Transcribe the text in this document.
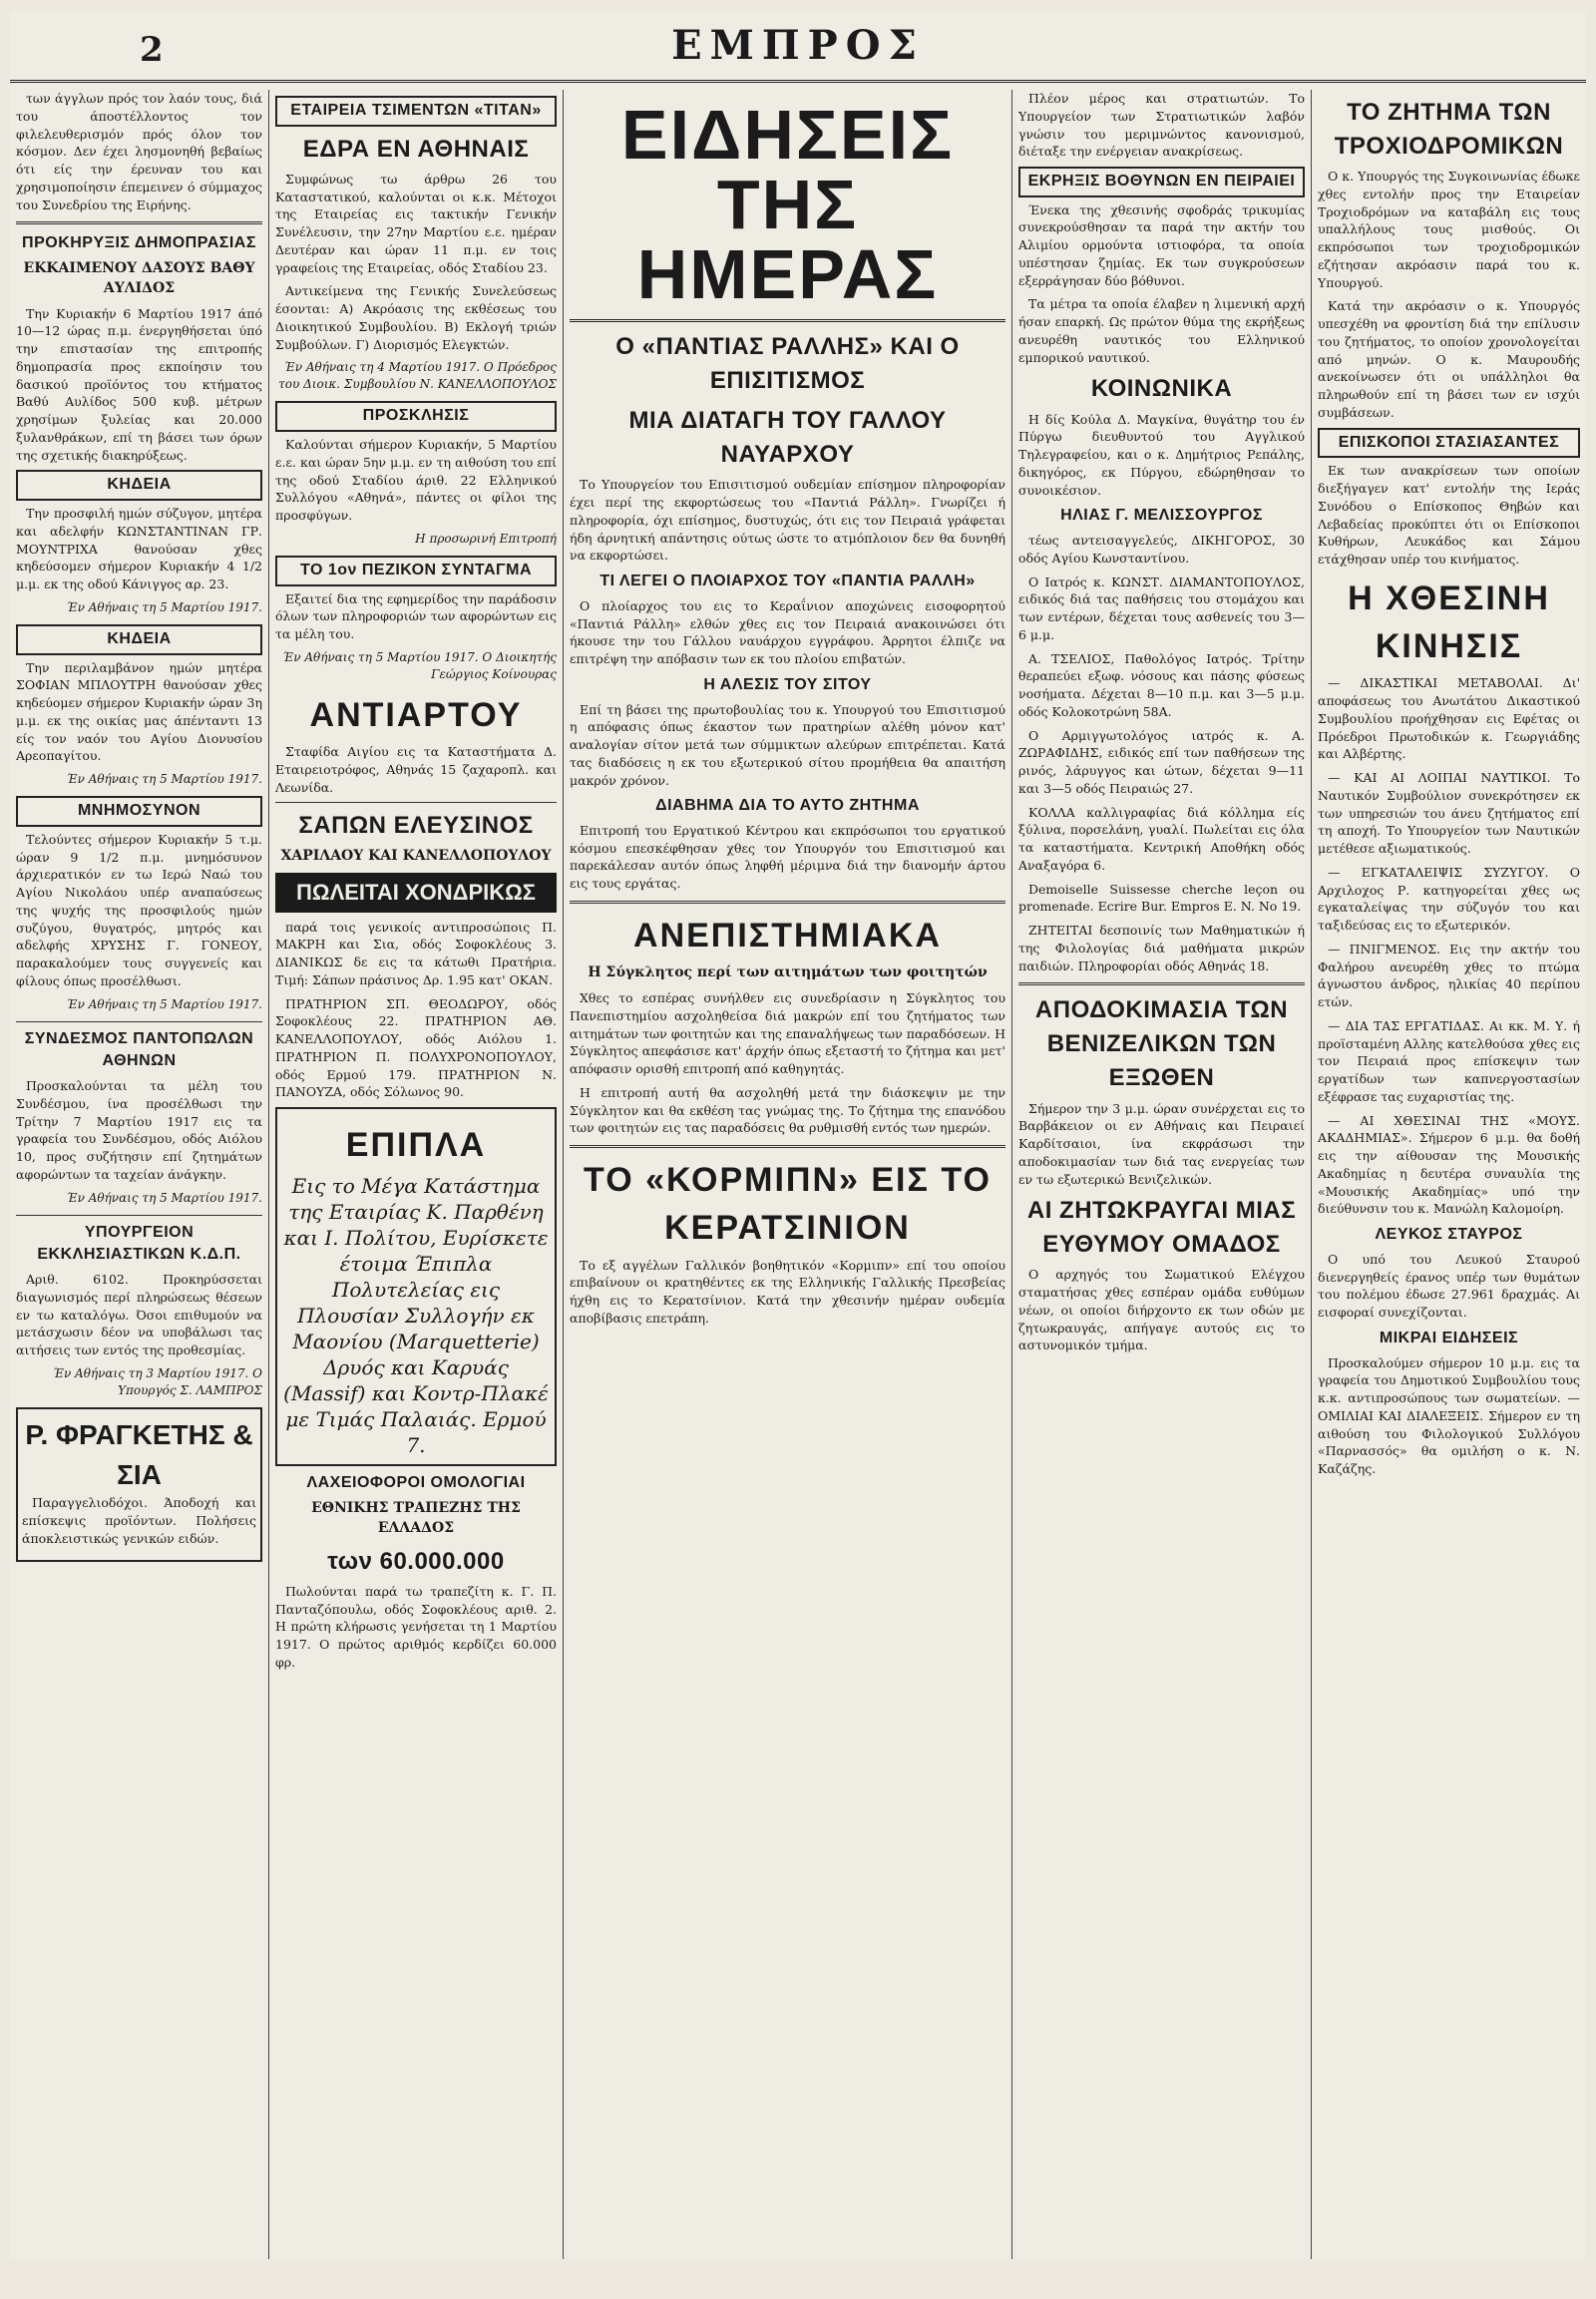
2	ΕΜΠΡΟΣ

των άγγλων πρός τον λαόν τους, διά του άποστέλλοντος τον φιλελευθερισμόν πρός όλον τον κόσμον. Δεν έχει λησμονηθή βεβαίως ότι είς την έρευναν του και χρησιμοποίησιν έπεμεινεν ό σύμμαχος του Συνεδρίου της Ειρήνης.

ΠΡΟΚΗΡΥΞΙΣ ΔΗΜΟΠΡΑΣΙΑΣ
ΕΚΚΑΙΜΕΝΟΥ ΔΑΣΟΥΣ ΒΑΘΥ ΑΥΛΙΔΟΣ

Την Κυριακήν 6 Μαρτίου 1917 άπό 10—12 ώρας π.μ. ένεργηθήσεται ύπό την επιστασίαν της επιτροπής δημοπρασία προς εκποίησιν του δασικού προϊόντος του κτήματος Βαθύ Αυλίδος 500 κυβ. μέτρων χρησίμων ξυλείας και 20.000 ξυλανθράκων, επί τη βάσει των όρων της σχετικής διακηρύξεως.

ΚΗΔΕΙΑ

Την προσφιλή ημών σύζυγον, μητέρα και αδελφήν ΚΩΝΣΤΑΝΤΙΝΑΝ ΓΡ. ΜΟΥΝΤΡΙΧΑ θανούσαν χθες κηδεύσομεν σήμερον Κυριακήν 4 1/2 μ.μ. εκ της οδού Κάνιγγος αρ. 23.

Έν Αθήναις τη 5 Μαρτίου 1917.
ΚΗΔΕΙΑ

Την περιλαμβάνον ημών μητέρα ΣΟΦΙΑΝ ΜΠΛΟΥΤΡΗ θανούσαν χθες κηδεύομεν σήμερον Κυριακήν ώραν 3η μ.μ. εκ της οικίας μας άπένταντι 13 είς τον ναόν του Αγίου Διονυσίου Αρεοπαγίτου.

Έν Αθήναις τη 5 Μαρτίου 1917.
ΜΝΗΜΟΣΥΝΟΝ

Τελούντες σήμερον Κυριακήν 5 τ.μ. ώραν 9 1/2 π.μ. μνημόσυνον άρχιερατικόν εν τω Ιερώ Ναώ του Αγίου Νικολάου υπέρ αναπαύσεως της ψυχής της προσφιλούς ημών συζύγου, θυγατρός, μητρός και αδελφής ΧΡΥΣΗΣ Γ. ΓΟΝΕΟΥ, παρακαλούμεν τους συγγενείς και φίλους όπως προσέλθωσι.

Έν Αθήναις τη 5 Μαρτίου 1917.
ΣΥΝΔΕΣΜΟΣ ΠΑΝΤΟΠΩΛΩΝ ΑΘΗΝΩΝ

Προσκαλούνται τα μέλη του Συνδέσμου, ίνα προσέλθωσι την Τρίτην 7 Μαρτίου 1917 εις τα γραφεία του Συνδέσμου, οδός Αιόλου 10, προς συζήτησιν επί ζητημάτων αφορώντων τα ταχείαν άνάγκην.

Έν Αθήναις τη 5 Μαρτίου 1917.
ΥΠΟΥΡΓΕΙΟΝ ΕΚΚΛΗΣΙΑΣΤΙΚΩΝ Κ.Δ.Π.

Αριθ. 6102. Προκηρύσσεται διαγωνισμός περί πληρώσεως θέσεων εν τω καταλόγω. Όσοι επιθυμούν να μετάσχωσιν δέον να υποβάλωσι τας αιτήσεις των εντός της προθεσμίας.

Έν Αθήναις τη 3 Μαρτίου 1917. Ο Υπουργός Σ. ΛΑΜΠΡΟΣ
Ρ. ΦΡΑΓΚΕΤΗΣ & ΣΙΑ

Παραγγελιοδόχοι. Άποδοχή και επίσκεψις προϊόντων. Πολήσεις άποκλειστικώς γενικών ειδών.

ΕΤΑΙΡΕΙΑ ΤΣΙΜΕΝΤΩΝ «ΤΙΤΑΝ»
ΕΔΡΑ ΕΝ ΑΘΗΝΑΙΣ

Συμφώνως τω άρθρω 26 του Καταστατικού, καλούνται οι κ.κ. Μέτοχοι της Εταιρείας εις τακτικήν Γενικήν Συνέλευσιν, την 27ην Μαρτίου ε.ε. ημέραν Δευτέραν και ώραν 11 π.μ. εν τοις γραφείοις της Εταιρείας, οδός Σταδίου 23.

Αντικείμενα της Γενικής Συνελεύσεως έσονται: Α) Ακρόασις της εκθέσεως του Διοικητικού Συμβουλίου. Β) Εκλογή τριών Συμβούλων. Γ) Διορισμός Ελεγκτών.

Έν Αθήναις τη 4 Μαρτίου 1917. Ο Πρόεδρος του Διοικ. Συμβουλίου Ν. ΚΑΝΕΛΛΟΠΟΥΛΟΣ
ΠΡΟΣΚΛΗΣΙΣ

Καλούνται σήμερον Κυριακήν, 5 Μαρτίου ε.ε. και ώραν 5ην μ.μ. εν τη αιθούση του επί της οδού Σταδίου άριθ. 22 Ελληνικού Συλλόγου «Αθηνά», πάντες οι φίλοι της προσφύγων.

Η προσωρινή Επιτροπή
ΤΟ 1ον ΠΕΖΙΚΟΝ ΣΥΝΤΑΓΜΑ

Εξαιτεί δια της εφημερίδος την παράδοσιν όλων των πληροφοριών των αφορώντων εις τα μέλη του.

Έν Αθήναις τη 5 Μαρτίου 1917. Ο Διοικητής Γεώργιος Κοίνουρας
ΑΝΤΙΑΡΤΟΥ

Σταφίδα Αιγίου εις τα Καταστήματα Δ. Εταιρειοτρόφος, Αθηνάς 15 ζαχαροπλ. και Λεωνίδα.

ΣΑΠΩΝ ΕΛΕΥΣΙΝΟΣ
ΧΑΡΙΛΑΟΥ ΚΑΙ ΚΑΝΕΛΛΟΠΟΥΛΟΥ
ΠΩΛΕΙΤΑΙ ΧΟΝΔΡΙΚΩΣ

παρά τοις γενικοίς αντιπροσώποις Π. ΜΑΚΡΗ και Σια, οδός Σοφοκλέους 3. ΔΙΑΝΙΚΩΣ δε εις τα κάτωθι Πρατήρια. Τιμή: Σάπων πράσινος Δρ. 1.95 κατ' ΟΚΑΝ.

ΠΡΑΤΗΡΙΟΝ ΣΠ. ΘΕΟΔΩΡΟΥ, οδός Σοφοκλέους 22. ΠΡΑΤΗΡΙΟΝ ΑΘ. ΚΑΝΕΛΛΟΠΟΥΛΟΥ, οδός Αιόλου 1. ΠΡΑΤΗΡΙΟΝ Π. ΠΟΛΥΧΡΟΝΟΠΟΥΛΟΥ, οδός Ερμού 179. ΠΡΑΤΗΡΙΟΝ Ν. ΠΑΝΟΥΖΑ, οδός Σόλωνος 90.

ΕΠΙΠΛΑ
Εις το Μέγα Κατάστημα της Εταιρίας Κ. Παρθένη και Ι. Πολίτου, Ευρίσκετε έτοιμα Έπιπλα Πολυτελείας εις Πλουσίαν Συλλογήν εκ Μαονίου (Marquetterie) Δρυός και Καρυάς (Massif) και Κοντρ-Πλακέ με Τιμάς Παλαιάς. Ερμού 7.
ΛΑΧΕΙΟΦΟΡΟΙ ΟΜΟΛΟΓΙΑΙ
ΕΘΝΙΚΗΣ ΤΡΑΠΕΖΗΣ ΤΗΣ ΕΛΛΑΔΟΣ
των 60.000.000

Πωλούνται παρά τω τραπεζίτη κ. Γ. Π. Πανταζόπουλω, οδός Σοφοκλέους αριθ. 2. Η πρώτη κλήρωσις γενήσεται τη 1 Μαρτίου 1917. Ο πρώτος αριθμός κερδίζει 60.000 φρ.

ΕΙΔΗΣΕΙΣ ΤΗΣ ΗΜΕΡΑΣ
Ο «ΠΑΝΤΙΑΣ ΡΑΛΛΗΣ» ΚΑΙ Ο ΕΠΙΣΙΤΙΣΜΟΣ
ΜΙΑ ΔΙΑΤΑΓΗ ΤΟΥ ΓΑΛΛΟΥ ΝΑΥΑΡΧΟΥ

Το Υπουργείον του Επισιτισμού ουδεμίαν επίσημον πληροφορίαν έχει περί της εκφορτώσεως του «Παντιά Ράλλη». Γνωρίζει ή πληροφορία, όχι επίσημος, δυστυχώς, ότι εις τον Πειραιά γράφεται ήδη άρνητική απάντησις ούτως ώστε το ατμόπλοιον δεν θα δυνηθή να εκφορτώσει.

ΤΙ ΛΕΓΕΙ Ο ΠΛΟΙΑΡΧΟΣ ΤΟΥ «ΠΑΝΤΙΑ ΡΑΛΛΗ»

Ο πλοίαρχος του εις το Κεραΐνιον αποχώνεις εισοφορητού «Παντιά Ράλλη» ελθών χθες εις τον Πειραιά ανακοινώσει ότι ήκουσε την του Γάλλου ναυάρχου εγγράφου. Άρρητοι έλπιζε να επιτρέψη την απόβασιν των εκ του πλοίου επιβατών.

Η ΑΛΕΣΙΣ ΤΟΥ ΣΙΤΟΥ

Επί τη βάσει της πρωτοβουλίας του κ. Υπουργού του Επισιτισμού η απόφασις όπως έκαστον των πρατηρίων αλέθη μόνον κατ' αναλογίαν σίτον μετά των σύμμικτων αλεύρων επιτρέπεται. Κατά τας διαδόσεις η εκ του εξωτερικού σίτου προμήθεια θα απαιτήση μακρόν χρόνον.

ΔΙΑΒΗΜΑ ΔΙΑ ΤΟ ΑΥΤΟ ΖΗΤΗΜΑ

Επιτροπή του Εργατικού Κέντρου και εκπρόσωποι του εργατικού κόσμου επεσκέφθησαν χθες τον Υπουργόν του Επισιτισμού και παρεκάλεσαν αυτόν όπως ληφθή μέριμνα διά την διανομήν άρτου εις τους εργάτας.

ΑΝΕΠΙΣΤΗΜΙΑΚΑ
Η Σύγκλητος περί των αιτημάτων των φοιτητών

Χθες το εσπέρας συνήλθεν εις συνεδρίασιν η Σύγκλητος του Πανεπιστημίου ασχοληθείσα διά μακρών επί του ζητήματος των αιτημάτων των φοιτητών και της επαναλήψεως των παραδόσεων. Η Σύγκλητος απεφάσισε κατ' άρχήν όπως εξεταστή το ζήτημα και μετ' απόφασιν ορισθή επιτροπή από καθηγητάς.

Η επιτροπή αυτή θα ασχοληθή μετά την διάσκεψιν με την Σύγκλητον και θα εκθέση τας γνώμας της. Το ζήτημα της επανόδου των φοιτητών εις τας παραδόσεις θα ρυθμισθή εντός των ημερών.

ΤΟ «ΚΟΡΜΙΠΝ» ΕΙΣ ΤΟ ΚΕΡΑΤΣΙΝΙΟΝ

Το εξ αγγέλων Γαλλικόν βοηθητικόν «Κορμιπν» επί του οποίου επιβαίνουν οι κρατηθέντες εκ της Ελληνικής Γαλλικής Πρεσβείας ήχθη εις το Κερατσίνιον. Κατά την χθεσινήν ημέραν ουδεμία αποβίβασις επετράπη.

Πλέον μέρος και στρατιωτών. Το Υπουργείον των Στρατιωτικών λαβόν γνώσιν του μεριμνώντος κανονισμού, διέταξε την ενέργειαν ανακρίσεως.

ΕΚΡΗΞΙΣ ΒΟΘΥΝΩΝ ΕΝ ΠΕΙΡΑΙΕΙ

Ένεκα της χθεσινής σφοδράς τρικυμίας συνεκρούσθησαν τα παρά την ακτήν του Αλιμίου ορμούντα ιστιοφόρα, τα οποία υπέστησαν ζημίας. Εκ των συγκρούσεων εξερράγησαν δύο βόθυνοι.

Τα μέτρα τα οποία έλαβεν η λιμενική αρχή ήσαν επαρκή. Ως πρώτον θύμα της εκρήξεως ανευρέθη ναυτικός του Ελληνικού εμπορικού ναυτικού.

ΚΟΙΝΩΝΙΚΑ

Η δίς Κούλα Δ. Μαγκίνα, θυγάτηρ του έν Πύργω διευθυντού του Αγγλικού Τηλεγραφείου, και ο κ. Δημήτριος Ρεπάλης, δικηγόρος, εκ Πύργου, εδώρηθησαν το συνοικέσιον.

ΗΛΙΑΣ Γ. ΜΕΛΙΣΣΟΥΡΓΟΣ

τέως αντεισαγγελεύς, ΔΙΚΗΓΟΡΟΣ, 30 οδός Αγίου Κωνσταντίνου.

Ο Ιατρός κ. ΚΩΝΣΤ. ΔΙΑΜΑΝΤΟΠΟΥΛΟΣ, ειδικός διά τας παθήσεις του στομάχου και των εντέρων, δέχεται τους ασθενείς του 3—6 μ.μ.

Α. ΤΣΕΛΙΟΣ, Παθολόγος Ιατρός. Τρίτην θεραπεύει εξωφ. νόσους και πάσης φύσεως νοσήματα. Δέχεται 8—10 π.μ. και 3—5 μ.μ. οδός Κολοκοτρώνη 58Α.

Ο Αρμιγγωτολόγος ιατρός κ. Α. ΖΩΡΑΦΙΔΗΣ, ειδικός επί των παθήσεων της ρινός, λάρυγγος και ώτων, δέχεται 9—11 και 3—5 οδός Πειραιώς 27.

ΚΟΛΛΑ καλλιγραφίας διά κόλλημα είς ξύλινα, πορσελάνη, γυαλί. Πωλείται εις όλα τα καταστήματα. Κεντρική Αποθήκη οδός Αναξαγόρα 6.

Demoiselle Suissesse cherche leçon ou promenade. Ecrire Bur. Empros E. N. No 19.

ΖΗΤΕΙΤΑΙ δεσποινίς των Μαθηματικών ή της Φιλολογίας διά μαθήματα μικρών παιδιών. Πληροφορίαι οδός Αθηνάς 18.

ΑΠΟΔΟΚΙΜΑΣΙΑ ΤΩΝ ΒΕΝΙΖΕΛΙΚΩΝ ΤΩΝ ΕΞΩΘΕΝ

Σήμερον την 3 μ.μ. ώραν συνέρχεται εις το Βαρβάκειον οι εν Αθήναις και Πειραιεί Καρδίτσαιοι, ίνα εκφράσωσι την αποδοκιμασίαν των διά τας ενεργείας των εν τω εξωτερικώ Βενιζελικών.

ΑΙ ΖΗΤΩΚΡΑΥΓΑΙ ΜΙΑΣ ΕΥΘΥΜΟΥ ΟΜΑΔΟΣ

Ο αρχηγός του Σωματικού Ελέγχου σταματήσας χθες εσπέραν ομάδα ευθύμων νέων, οι οποίοι διήρχοντο εκ των οδών με ζητωκραυγάς, απήγαγε αυτούς εις το αστυνομικόν τμήμα.

ΤΟ ΖΗΤΗΜΑ ΤΩΝ ΤΡΟΧΙΟΔΡΟΜΙΚΩΝ

Ο κ. Υπουργός της Συγκοινωνίας έδωκε χθες εντολήν προς την Εταιρείαν Τροχιοδρόμων να καταβάλη εις τους υπαλλήλους τους μισθούς. Οι εκπρόσωποι των τροχιοδρομικών εζήτησαν ακρόασιν παρά του κ. Υπουργού.

Κατά την ακρόασιν ο κ. Υπουργός υπεσχέθη να φροντίση διά την επίλυσιν του ζητήματος, το οποίον χρονολογείται από μηνών. Ο κ. Μαυρουδής ανεκοίνωσεν ότι οι υπάλληλοι θα πληρωθούν επί τη βάσει των εν ισχύι συμβάσεων.

ΕΠΙΣΚΟΠΟΙ ΣΤΑΣΙΑΣΑΝΤΕΣ

Εκ των ανακρίσεων των οποίων διεξήγαγεν κατ' εντολήν της Ιεράς Συνόδου ο Επίσκοπος Θηβών και Λεβαδείας προκύπτει ότι οι Επίσκοποι Κυθήρων, Λευκάδος και Σάμου ετάχθησαν υπέρ του κινήματος.

Η ΧΘΕΣΙΝΗ ΚΙΝΗΣΙΣ

— ΔΙΚΑΣΤΙΚΑΙ ΜΕΤΑΒΟΛΑΙ. Δι' αποφάσεως του Ανωτάτου Δικαστικού Συμβουλίου προήχθησαν εις Εφέτας οι Πρόεδροι Πρωτοδικών κ. Γεωργιάδης και Αλβέρτης.

— ΚΑΙ ΑΙ ΛΟΙΠΑΙ ΝΑΥΤΙΚΟΙ. Το Ναυτικόν Συμβούλιον συνεκρότησεν εκ των υπηρεσιών του άνευ ζητήματος επί τη αποχή. Το Υπουργείον των Ναυτικών μετέθεσε αξιωματικούς.

— ΕΓΚΑΤΑΛΕΙΨΙΣ ΣΥΖΥΓΟΥ. Ο Αρχιλοχος Ρ. κατηγορείται χθες ως εγκαταλείψας την σύζυγόν του και ταξιδεύσας εις το εξωτερικόν.

— ΠΝΙΓΜΕΝΟΣ. Εις την ακτήν του Φαλήρου ανευρέθη χθες το πτώμα άγνωστου άνδρος, ηλικίας 40 περίπου ετών.

— ΔΙΑ ΤΑΣ ΕΡΓΑΤΙΔΑΣ. Αι κκ. Μ. Υ. ή προϊσταμένη Αλλης κατελθούσα χθες εις τον Πειραιά προς επίσκεψιν των εργατίδων των καπνεργοστασίων εξέφρασε τας ευχαριστίας της.

— ΑΙ ΧΘΕΣΙΝΑΙ ΤΗΣ «ΜΟΥΣ. ΑΚΑΔΗΜΙΑΣ». Σήμερον 6 μ.μ. θα δοθή εις την αίθουσαν της Μουσικής Ακαδημίας η δευτέρα συναυλία της «Μουσικής Ακαδημίας» υπό την διεύθυνσιν του κ. Μανώλη Καλομοίρη.

ΛΕΥΚΟΣ ΣΤΑΥΡΟΣ

Ο υπό του Λευκού Σταυρού διενεργηθείς έρανος υπέρ των θυμάτων του πολέμου έδωσε 27.961 δραχμάς. Αι εισφοραί συνεχίζονται.

ΜΙΚΡΑΙ ΕΙΔΗΣΕΙΣ

Προσκαλούμεν σήμερον 10 μ.μ. εις τα γραφεία του Δημοτικού Συμβουλίου τους κ.κ. αντιπροσώπους των σωματείων. — ΟΜΙΛΙΑΙ ΚΑΙ ΔΙΑΛΕΞΕΙΣ. Σήμερον εν τη αιθούση του Φιλολογικού Συλλόγου «Παρνασσός» θα ομιλήση ο κ. Ν. Καζάζης.
